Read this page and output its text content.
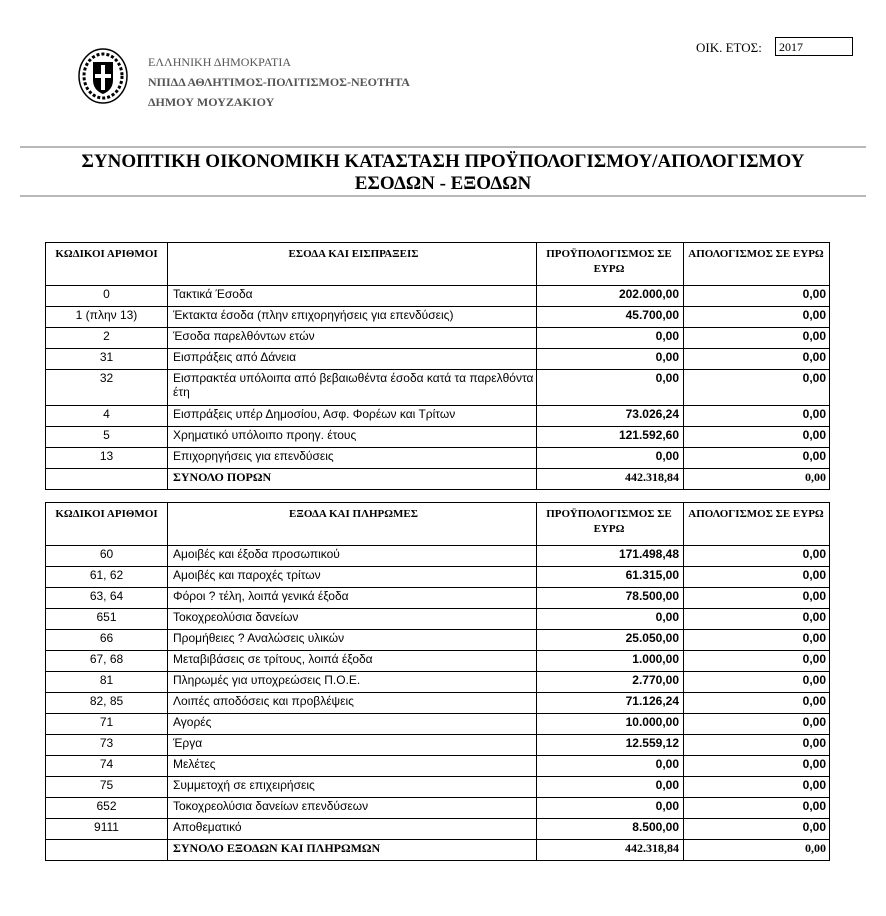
ΕΛΛΗΝΙΚΗ ΔΗΜΟΚΡΑΤΙΑ
ΝΠΙΔΔ ΑΘΛΗΤΙΜΟΣ-ΠΟΛΙΤΙΣΜΟΣ-ΝΕΟΤΗΤΑ
ΔΗΜΟΥ ΜΟΥΖΑΚΙΟΥ
ΟΙΚ. ΕΤΟΣ:	2017
ΣΥΝΟΠΤΙΚΗ ΟΙΚΟΝΟΜΙΚΗ ΚΑΤΑΣΤΑΣΗ ΠΡΟΫΠΟΛΟΓΙΣΜΟΥ/ΑΠΟΛΟΓΙΣΜΟΥ
ΕΣΟΔΩΝ - ΕΞΟΔΩΝ
ΚΩΔΙΚΟΙ ΑΡΙΘΜΟΙ	ΕΣΟΔΑ ΚΑΙ ΕΙΣΠΡΑΞΕΙΣ	ΠΡΟΫΠΟΛΟΓΙΣΜΟΣ ΣΕ ΕΥΡΩ	ΑΠΟΛΟΓΙΣΜΟΣ ΣΕ ΕΥΡΩ
0	Τακτικά Έσοδα	202.000,00	0,00
1 (πλην 13)	Έκτακτα έσοδα (πλην επιχορηγήσεις για επενδύσεις)	45.700,00	0,00
2	Έσοδα παρελθόντων ετών	0,00	0,00
31	Εισπράξεις από Δάνεια	0,00	0,00
32	Εισπρακτέα υπόλοιπα από βεβαιωθέντα έσοδα κατά τα παρελθόντα έτη	0,00	0,00
4	Εισπράξεις υπέρ Δημοσίου, Ασφ. Φορέων και Τρίτων	73.026,24	0,00
5	Χρηματικό υπόλοιπο προηγ. έτους	121.592,60	0,00
13	Επιχορηγήσεις για επενδύσεις	0,00	0,00
	ΣΥΝΟΛΟ ΠΟΡΩΝ	442.318,84	0,00
ΚΩΔΙΚΟΙ ΑΡΙΘΜΟΙ	ΕΞΟΔΑ ΚΑΙ ΠΛΗΡΩΜΕΣ	ΠΡΟΫΠΟΛΟΓΙΣΜΟΣ ΣΕ ΕΥΡΩ	ΑΠΟΛΟΓΙΣΜΟΣ ΣΕ ΕΥΡΩ
60	Αμοιβές και έξοδα προσωπικού	171.498,48	0,00
61, 62	Αμοιβές και παροχές τρίτων	61.315,00	0,00
63, 64	Φόροι ? τέλη, λοιπά γενικά έξοδα	78.500,00	0,00
651	Τοκοχρεολύσια δανείων	0,00	0,00
66	Προμήθειες ? Αναλώσεις υλικών	25.050,00	0,00
67, 68	Μεταβιβάσεις σε τρίτους, λοιπά έξοδα	1.000,00	0,00
81	Πληρωμές για υποχρεώσεις Π.Ο.Ε.	2.770,00	0,00
82, 85	Λοιπές αποδόσεις και προβλέψεις	71.126,24	0,00
71	Αγορές	10.000,00	0,00
73	Έργα	12.559,12	0,00
74	Μελέτες	0,00	0,00
75	Συμμετοχή σε επιχειρήσεις	0,00	0,00
652	Τοκοχρεολύσια δανείων επενδύσεων	0,00	0,00
9111	Αποθεματικό	8.500,00	0,00
	ΣΥΝΟΛΟ ΕΞΟΔΩΝ ΚΑΙ ΠΛΗΡΩΜΩΝ	442.318,84	0,00
